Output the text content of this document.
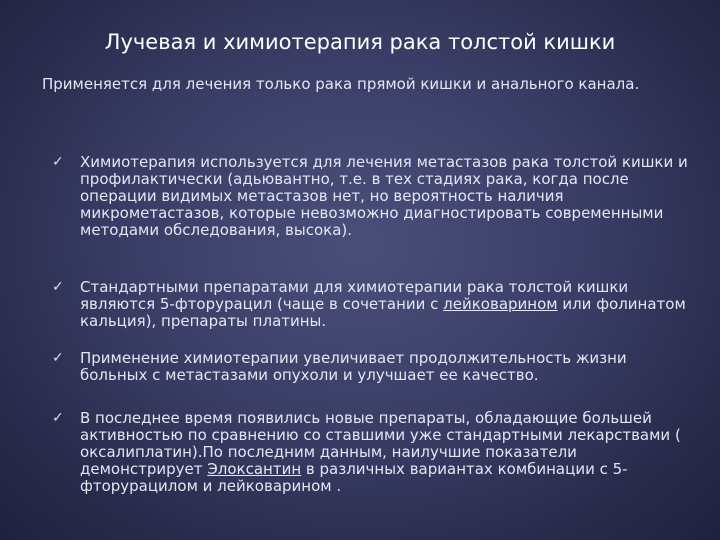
Лучевая и химиотерапия рака толстой кишки

Применяется для лечения только рака прямой кишки и анального канала.

✓	Химиотерапия используется для лечения метастазов рака толстой кишки и профилактически (адьювантно, т.е. в тех стадиях рака, когда после операции видимых метастазов нет, но вероятность наличия микрометастазов, которые невозможно диагностировать современными методами обследования, высока).

✓	Стандартными препаратами для химиотерапии рака толстой кишки являются 5-фторурацил (чаще в сочетании с лейковарином или фолинатом кальция), препараты платины.

✓	Применение химиотерапии увеличивает продолжительность жизни больных с метастазами опухоли и улучшает ее качество.

✓	В последнее время появились новые препараты, обладающие большей активностью по сравнению со ставшими уже стандартными лекарствами ( оксалиплатин).По последним данным, наилучшие показатели демонстрирует Элоксантин в различных вариантах комбинации с 5-фторурацилом и лейковарином .
